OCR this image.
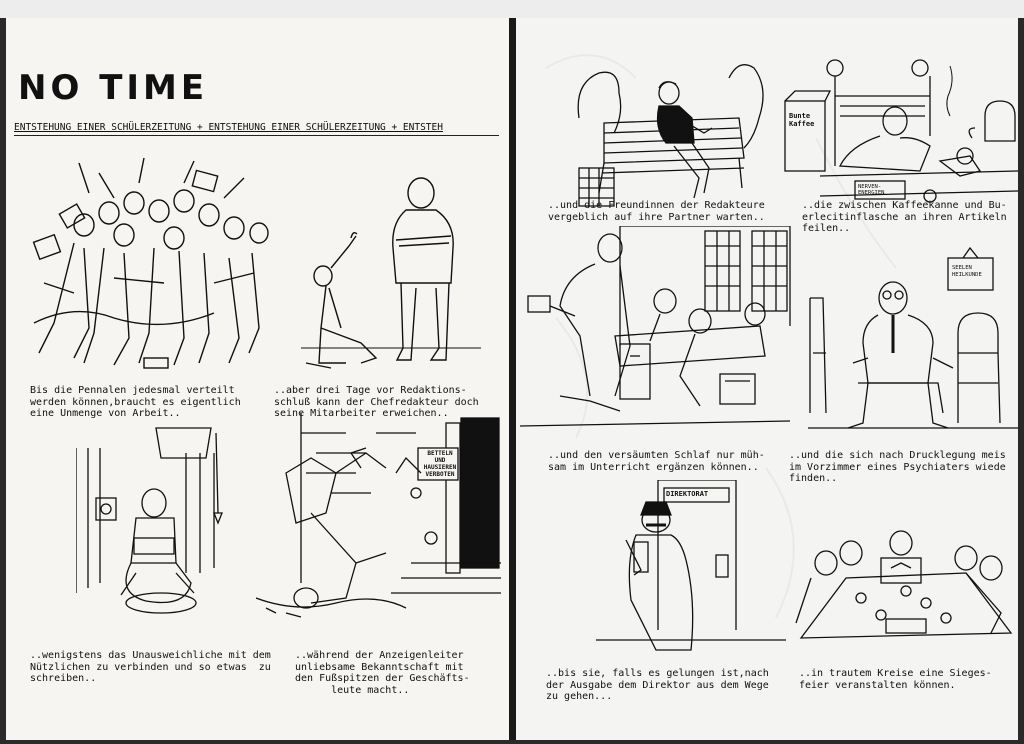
NO TIME
ENTSTEHUNG EINER SCHÜLERZEITUNG + ENTSTEHUNG EINER SCHÜLERZEITUNG + ENTSTEH
Bis die Pennalen jedesmal verteilt
werden können,braucht es eigentlich
eine Unmenge von Arbeit..
..aber drei Tage vor Redaktions-
schluß kann der Chefredakteur doch
seine Mitarbeiter erweichen..
BETTELN
UND
HAUSIEREN
VERBOTEN
..wenigstens das Unausweichliche mit dem
Nützlichen zu verbinden und so etwas  zu
schreiben..
..während der Anzeigenleiter
unliebsame Bekanntschaft mit
den Fußspitzen der Geschäfts-
leute macht..
Bunte
Kaffee
NERVEN-
ENERGIEN
..und die Freundinnen der Redakteure
vergeblich auf ihre Partner warten..
..die zwischen Kaffeekanne und Bu-
erlecitinflasche an ihren Artikeln
feilen..
SEELEN
HEILKUNDE
..und den versäumten Schlaf nur müh-
sam im Unterricht ergänzen können..
..und die sich nach Drucklegung meis
im Vorzimmer eines Psychiaters wiede
finden..
DIREKTORAT
..bis sie, falls es gelungen ist,nach
der Ausgabe dem Direktor aus dem Wege
zu gehen...
..in trautem Kreise eine Sieges-
feier veranstalten können.
